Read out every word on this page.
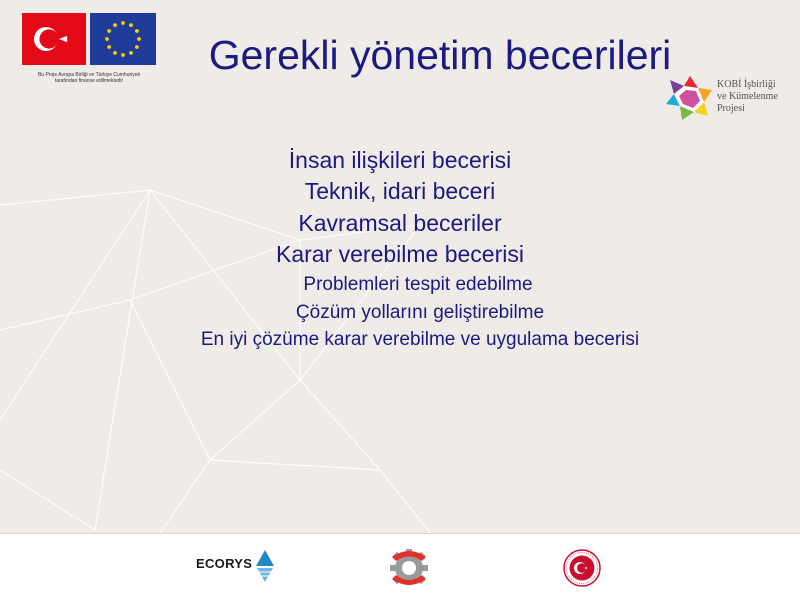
Bu Proje Avrupa Birliği ve Türkiye Cumhuriyeti
tarafından finanse edilmektedir
Gerekli yönetim becerileri
KOBİ İşbirliği
ve Kümelenme
Projesi
İnsan ilişkileri becerisi
Teknik, idari beceri
Kavramsal beceriler
Karar verebilme becerisi
Problemleri tespit edebilme
Çözüm yollarını geliştirebilme
En iyi çözüme karar verebilme ve uygulama becerisi
ECORYS
